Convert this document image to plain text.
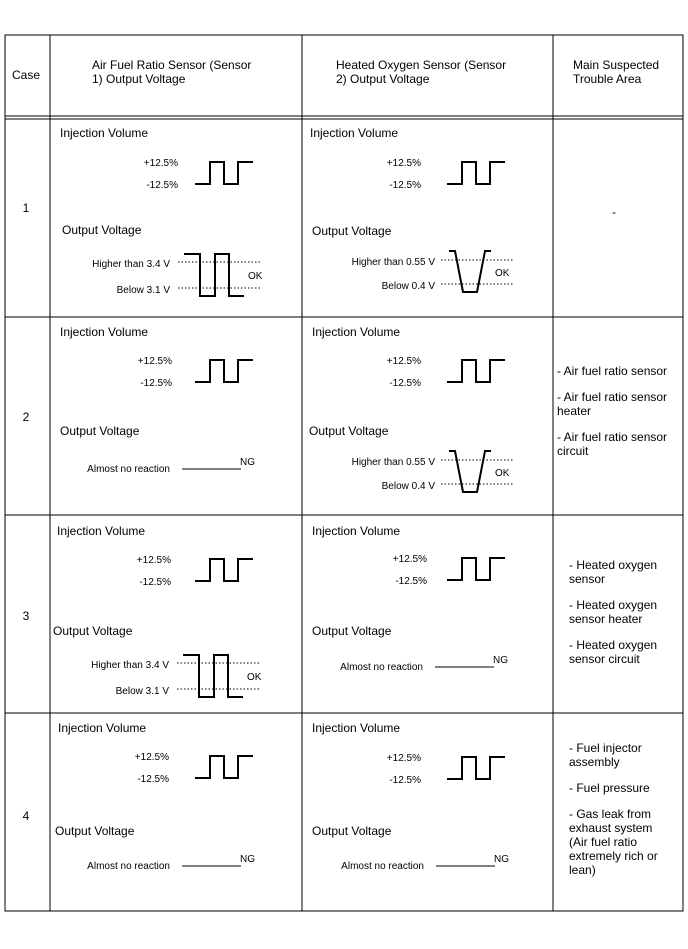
Case
Air Fuel Ratio Sensor (Sensor
1) Output Voltage
Heated Oxygen Sensor (Sensor
2) Output Voltage
Main Suspected
Trouble Area
1
Injection Volume
+12.5%
-12.5%
Output Voltage
Higher than 3.4 V
Below 3.1 V
OK
Injection Volume
+12.5%
-12.5%
Output Voltage
Higher than 0.55 V
Below 0.4 V
OK
-
2
Injection Volume
+12.5%
-12.5%
Output Voltage
Almost no reaction
NG
Injection Volume
+12.5%
-12.5%
Output Voltage
Higher than 0.55 V
Below 0.4 V
OK
- Air fuel ratio sensor
- Air fuel ratio sensor
heater
- Air fuel ratio sensor
circuit
3
Injection Volume
+12.5%
-12.5%
Output Voltage
Higher than 3.4 V
Below 3.1 V
OK
Injection Volume
+12.5%
-12.5%
Output Voltage
Almost no reaction
NG
- Heated oxygen
sensor
- Heated oxygen
sensor heater
- Heated oxygen
sensor circuit
4
Injection Volume
+12.5%
-12.5%
Output Voltage
Almost no reaction
NG
Injection Volume
+12.5%
-12.5%
Output Voltage
Almost no reaction
NG
- Fuel injector
assembly
- Fuel pressure
- Gas leak from
exhaust system
(Air fuel ratio
extremely rich or
lean)
